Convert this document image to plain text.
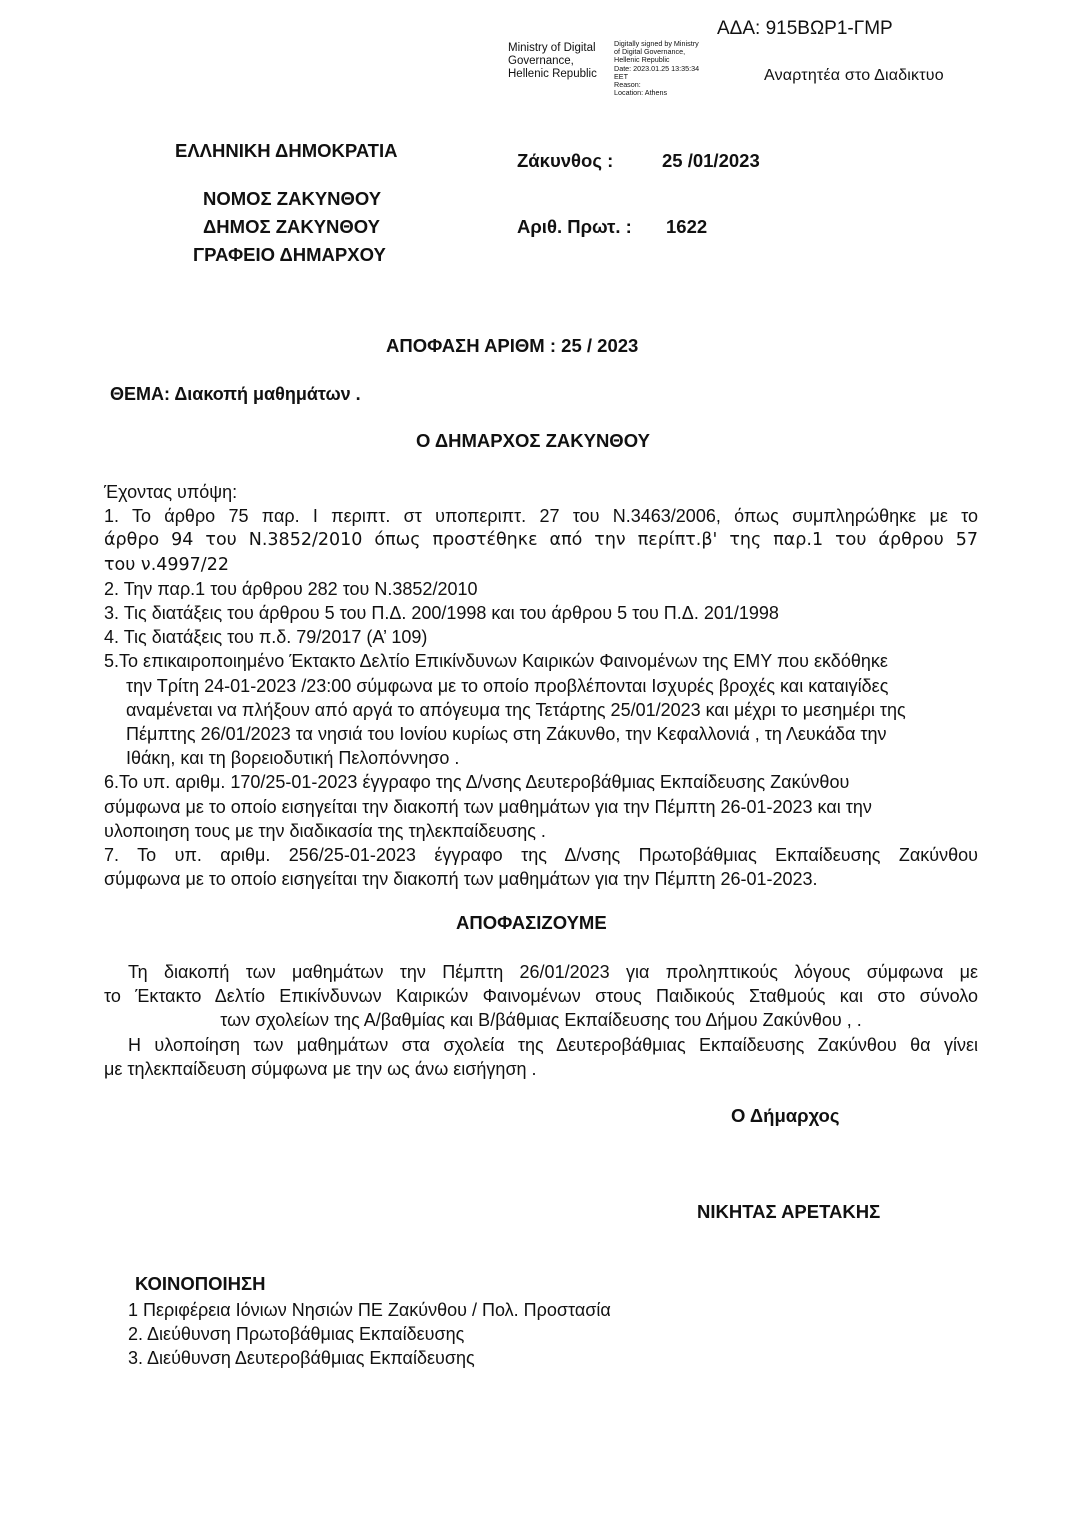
ΑΔΑ: 915ΒΩΡ1-ΓΜΡ
Ministry of Digital
Governance,
Hellenic Republic
Digitally signed by Ministry
of Digital Governance,
Hellenic Republic
Date: 2023.01.25 13:35:34
EET
Reason:
Location: Athens
Αναρτητέα στο Διαδικτυο
ΕΛΛΗΝΙΚΗ ΔΗΜΟΚΡΑΤΙΑ
ΝΟΜΟΣ ΖΑΚΥΝΘΟΥ
ΔΗΜΟΣ ΖΑΚΥΝΘΟΥ
ΓΡΑΦΕΙΟ ΔΗΜΑΡΧΟΥ
Ζάκυνθος :	25 /01/2023
Αριθ. Πρωτ. : 1622
ΑΠΟΦΑΣΗ ΑΡΙΘΜ : 25 / 2023
ΘΕΜΑ: Διακοπή μαθημάτων .
Ο ΔΗΜΑΡΧΟΣ ΖΑΚΥΝΘΟΥ
Έχοντας υπόψη:
1. Το άρθρο 75 παρ. Ι περιπτ. στ υποπεριπτ. 27 του Ν.3463/2006, όπως συμπληρώθηκε με το
άρθρο 94 του Ν.3852/2010 όπως προστέθηκε από την περίπτ.β' της παρ.1 του άρθρου 57
του ν.4997/22
2. Την παρ.1 του άρθρου 282 του Ν.3852/2010
3. Τις διατάξεις του άρθρου 5 του Π.Δ. 200/1998 και του άρθρου 5 του Π.Δ. 201/1998
4. Τις διατάξεις του π.δ. 79/2017 (Α’ 109)
5.Το επικαιροποιημένο Έκτακτο Δελτίο Επικίνδυνων Καιρικών Φαινομένων της ΕΜΥ που εκδόθηκε
την Τρίτη 24-01-2023 /23:00 σύμφωνα με το οποίο προβλέπονται Ισχυρές βροχές και καταιγίδες
αναμένεται να πλήξουν από αργά το απόγευμα της Τετάρτης 25/01/2023 και μέχρι το μεσημέρι της
Πέμπτης 26/01/2023 τα νησιά του Ιονίου κυρίως στη Ζάκυνθο, την Κεφαλλονιά , τη Λευκάδα την
Ιθάκη, και τη βορειοδυτική Πελοπόννησο .
6.Το υπ. αριθμ. 170/25-01-2023 έγγραφο της Δ/νσης Δευτεροβάθμιας Εκπαίδευσης Ζακύνθου
σύμφωνα με το οποίο εισηγείται την διακοπή των μαθημάτων για την Πέμπτη 26-01-2023 και την
υλοποιηση τους με την διαδικασία της τηλεκπαίδευσης .
7. Το υπ. αριθμ. 256/25-01-2023 έγγραφο της Δ/νσης Πρωτοβάθμιας Εκπαίδευσης Ζακύνθου
σύμφωνα με το οποίο εισηγείται την διακοπή των μαθημάτων για την Πέμπτη 26-01-2023.
ΑΠΟΦΑΣΙΖΟΥΜΕ
Τη διακοπή των μαθημάτων την Πέμπτη 26/01/2023 για προληπτικούς λόγους σύμφωνα με
το Έκτακτο Δελτίο Επικίνδυνων Καιρικών Φαινομένων στους Παιδικούς Σταθμούς και στο σύνολο
των σχολείων της Α/βαθμίας και Β/βάθμιας Εκπαίδευσης του Δήμου Ζακύνθου , .
Η υλοποίηση των μαθημάτων στα σχολεία της Δευτεροβάθμιας Εκπαίδευσης Ζακύνθου θα γίνει
με τηλεκπαίδευση σύμφωνα με την ως άνω εισήγηση .
Ο Δήμαρχος
ΝΙΚΗΤΑΣ ΑΡΕΤΑΚΗΣ
ΚΟΙΝΟΠΟΙΗΣΗ
1 Περιφέρεια Ιόνιων Νησιών ΠΕ Ζακύνθου / Πολ. Προστασία
2. Διεύθυνση Πρωτοβάθμιας Εκπαίδευσης
3. Διεύθυνση Δευτεροβάθμιας Εκπαίδευσης
